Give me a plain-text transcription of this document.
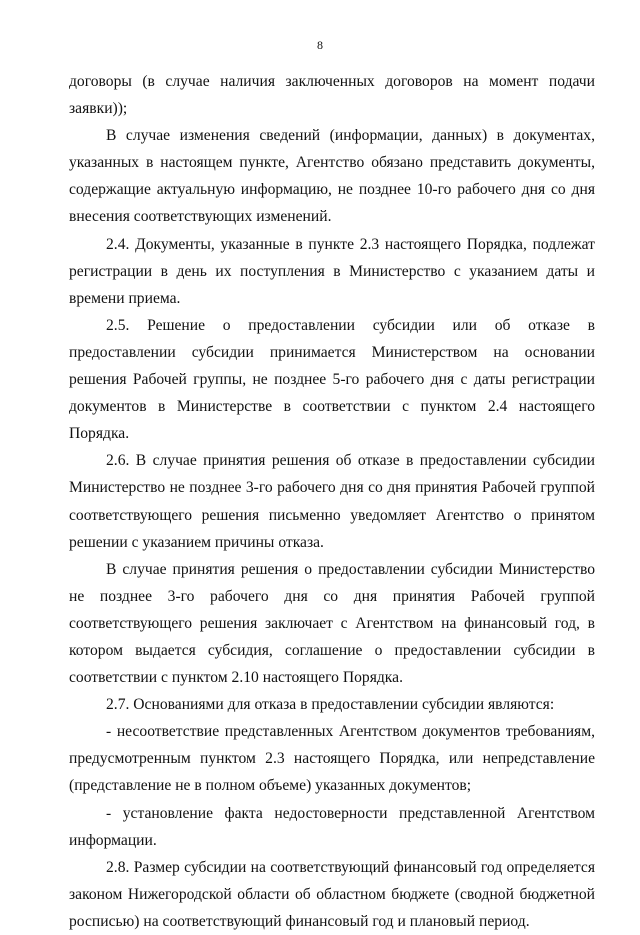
8

договоры (в случае наличия заключенных договоров на момент подачи заявки));

В случае изменения сведений (информации, данных) в документах, указанных в настоящем пункте, Агентство обязано представить документы, содержащие актуальную информацию, не позднее 10-го рабочего дня со дня внесения соответствующих изменений.

2.4. Документы, указанные в пункте 2.3 настоящего Порядка, подлежат регистрации в день их поступления в Министерство с указанием даты и времени приема.

2.5. Решение о предоставлении субсидии или об отказе в предоставлении субсидии принимается Министерством на основании решения Рабочей группы, не позднее 5-го рабочего дня с даты регистрации документов в Министерстве в соответствии с пунктом 2.4 настоящего Порядка.

2.6. В случае принятия решения об отказе в предоставлении субсидии Министерство не позднее 3-го рабочего дня со дня принятия Рабочей группой соответствующего решения письменно уведомляет Агентство о принятом решении с указанием причины отказа.

В случае принятия решения о предоставлении субсидии Министерство не позднее 3-го рабочего дня со дня принятия Рабочей группой соответствующего решения заключает с Агентством на финансовый год, в котором выдается субсидия, соглашение о предоставлении субсидии в соответствии с пунктом 2.10 настоящего Порядка.

2.7. Основаниями для отказа в предоставлении субсидии являются:

- несоответствие представленных Агентством документов требованиям, предусмотренным пунктом 2.3 настоящего Порядка, или непредставление (представление не в полном объеме) указанных документов;

- установление факта недостоверности представленной Агентством информации.

2.8. Размер субсидии на соответствующий финансовый год определяется законом Нижегородской области об областном бюджете (сводной бюджетной росписью) на соответствующий финансовый год и плановый период.
